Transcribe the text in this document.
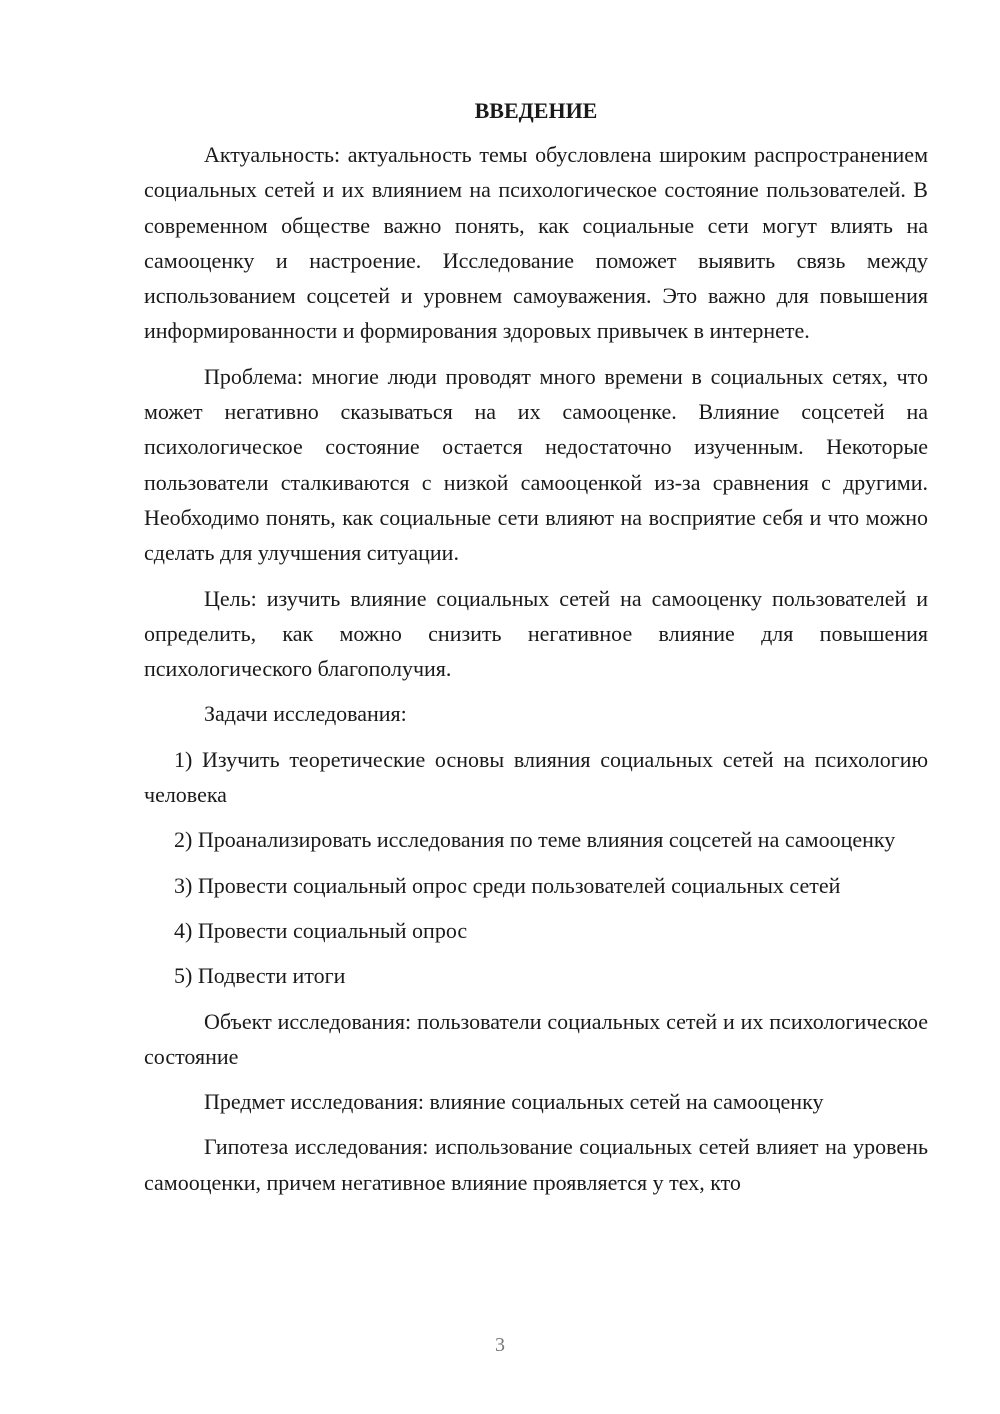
ВВЕДЕНИЕ

Актуальность: актуальность темы обусловлена широким распространением социальных сетей и их влиянием на психологическое состояние пользователей. В современном обществе важно понять, как социальные сети могут влиять на самооценку и настроение. Исследование поможет выявить связь между использованием соцсетей и уровнем самоуважения. Это важно для повышения информированности и формирования здоровых привычек в интернете.

Проблема: многие люди проводят много времени в социальных сетях, что может негативно сказываться на их самооценке. Влияние соцсетей на психологическое состояние остается недостаточно изученным. Некоторые пользователи сталкиваются с низкой самооценкой из-за сравнения с другими. Необходимо понять, как социальные сети влияют на восприятие себя и что можно сделать для улучшения ситуации.

Цель: изучить влияние социальных сетей на самооценку пользователей и определить, как можно снизить негативное влияние для повышения психологического благополучия.

Задачи исследования:

1) Изучить теоретические основы влияния социальных сетей на психологию человека

2) Проанализировать исследования по теме влияния соцсетей на самооценку

3) Провести социальный опрос среди пользователей социальных сетей

4) Провести социальный опрос

5) Подвести итоги

Объект исследования: пользователи социальных сетей и их психологическое состояние

Предмет исследования: влияние социальных сетей на самооценку

Гипотеза исследования: использование социальных сетей влияет на уровень самооценки, причем негативное влияние проявляется у тех, кто

3
